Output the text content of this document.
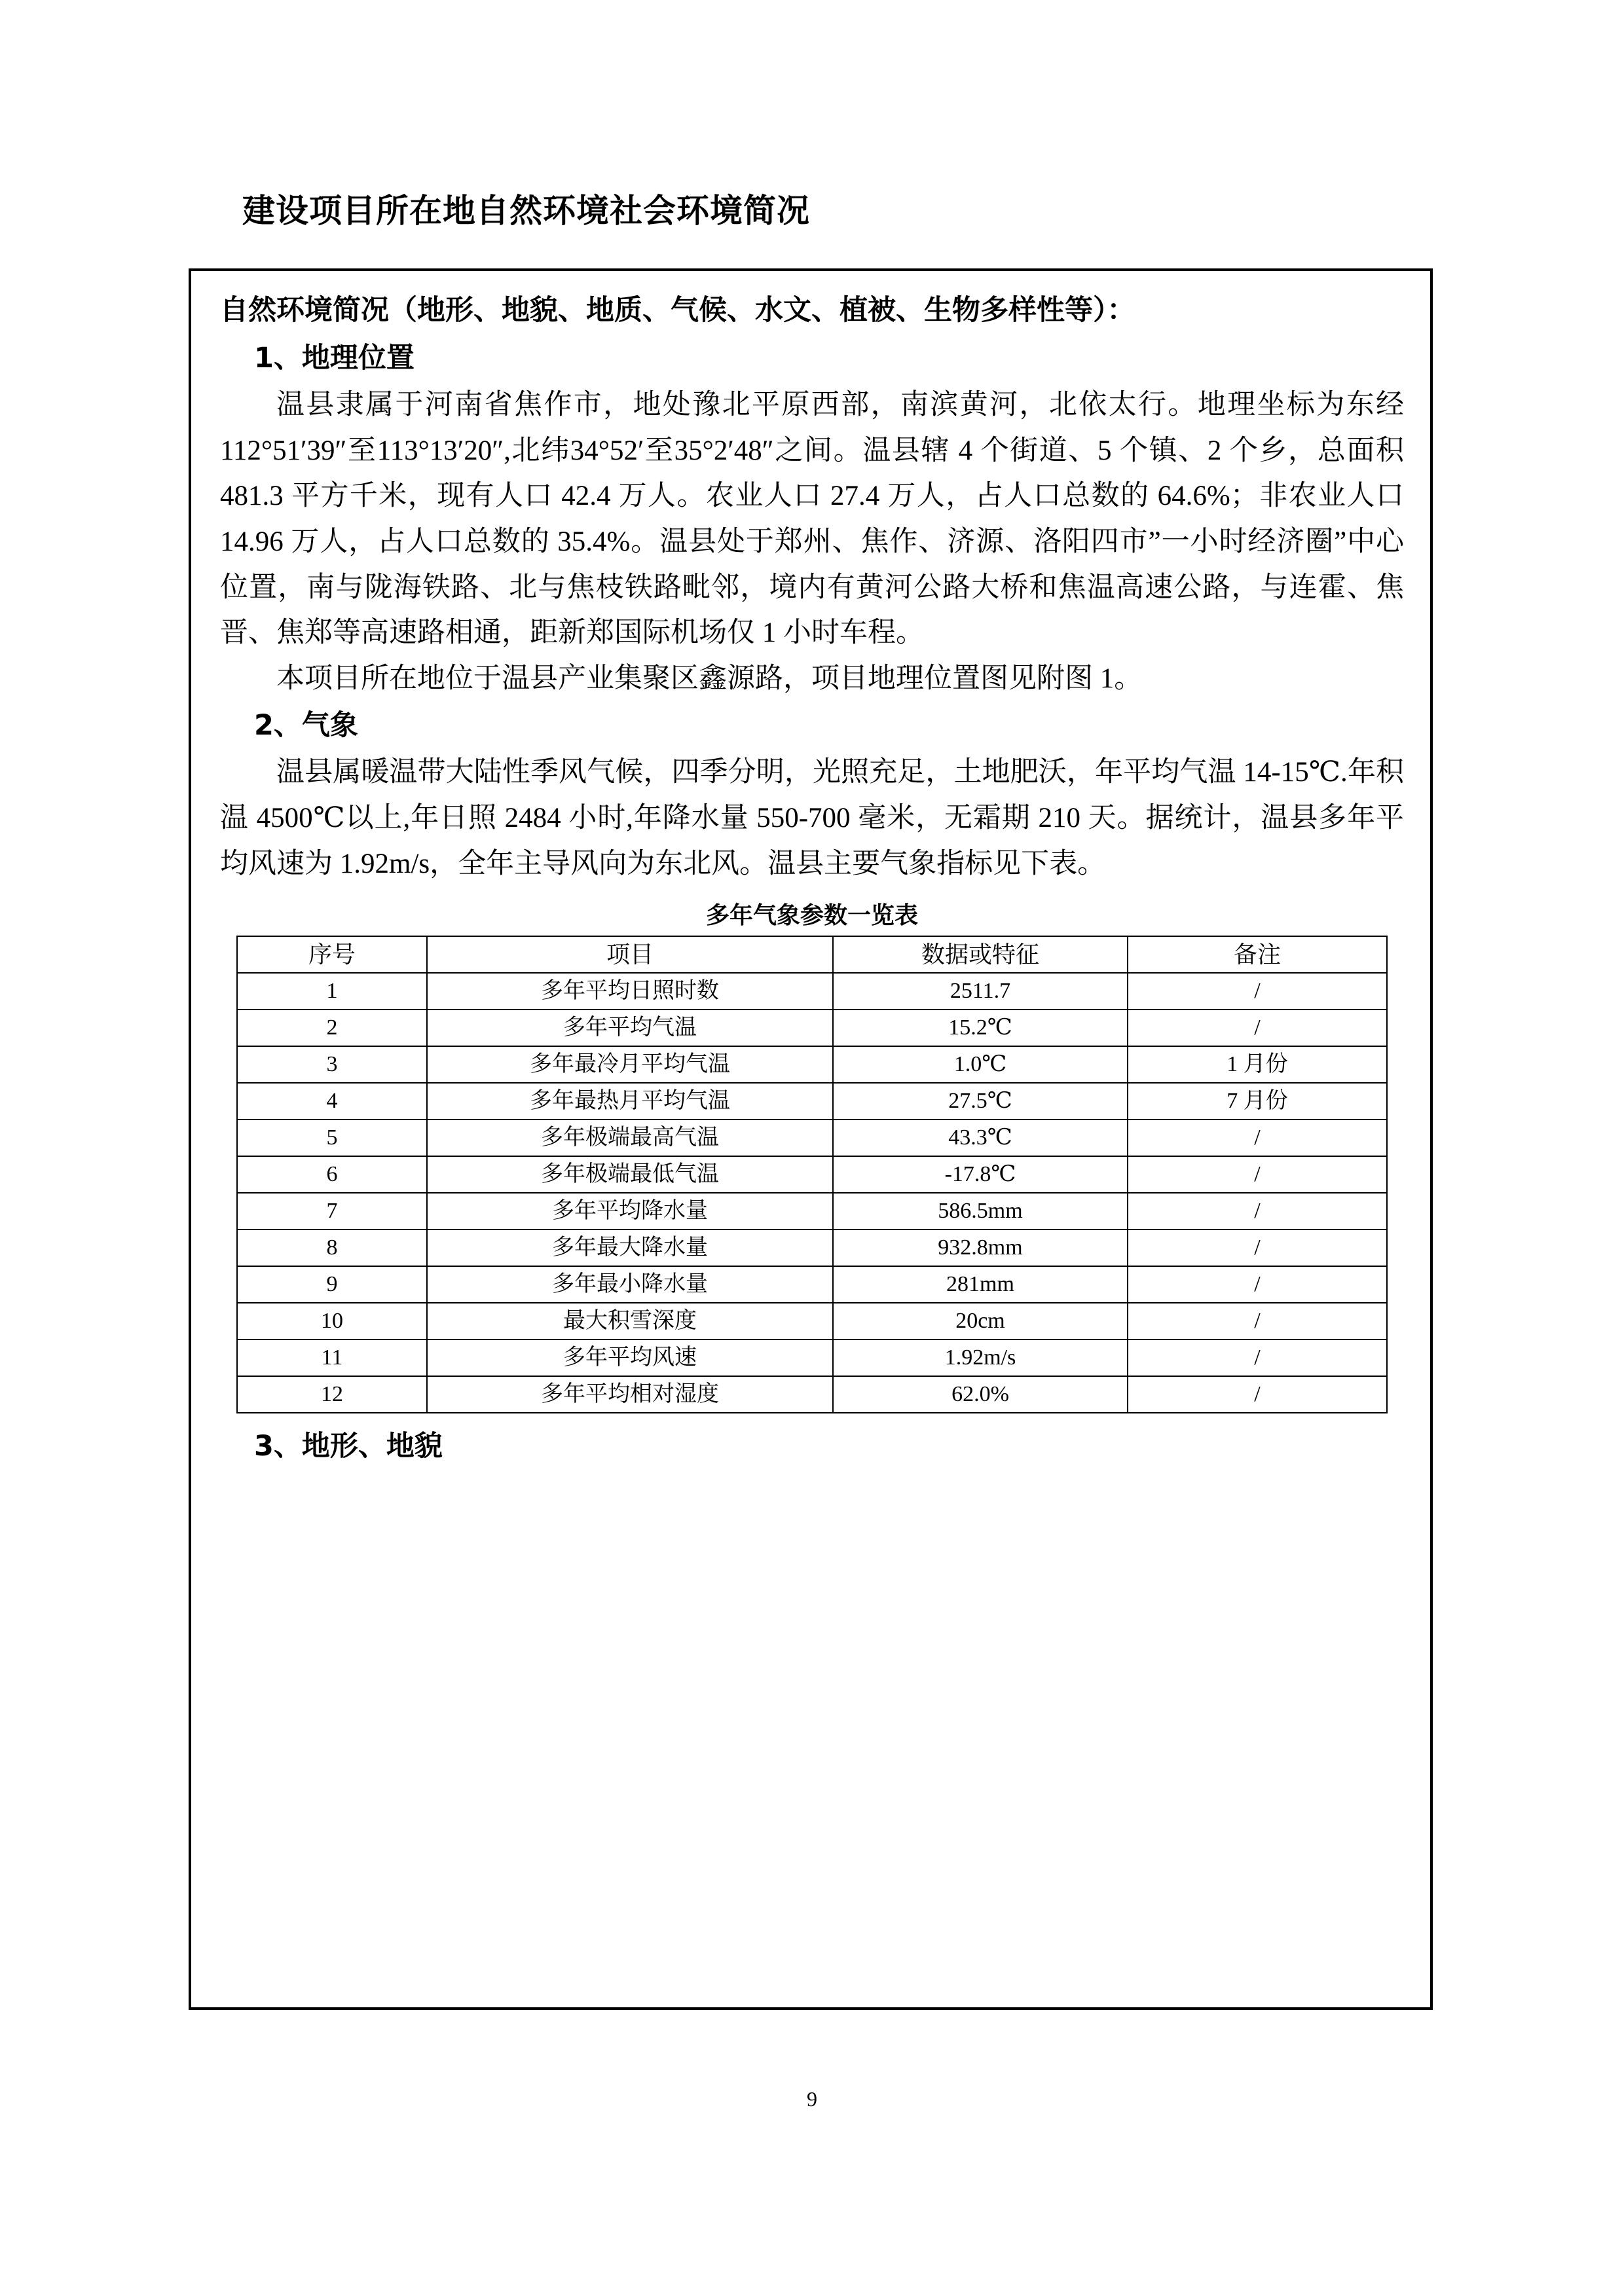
建设项目所在地自然环境社会环境简况
自然环境简况（地形、地貌、地质、气候、水文、植被、生物多样性等）：
1、地理位置

温县隶属于河南省焦作市，地处豫北平原西部，南滨黄河，北依太行。地理坐标为东经112°51′39″至113°13′20″,北纬34°52′至35°2′48″之间。温县辖 4 个街道、5 个镇、2 个乡，总面积 481.3 平方千米，现有人口 42.4 万人。农业人口 27.4 万人，占人口总数的 64.6%；非农业人口 14.96 万人，占人口总数的 35.4%。温县处于郑州、焦作、济源、洛阳四市”一小时经济圈”中心位置，南与陇海铁路、北与焦枝铁路毗邻，境内有黄河公路大桥和焦温高速公路，与连霍、焦晋、焦郑等高速路相通，距新郑国际机场仅 1 小时车程。

本项目所在地位于温县产业集聚区鑫源路，项目地理位置图见附图 1。

2、气象

温县属暖温带大陆性季风气候，四季分明，光照充足，土地肥沃，年平均气温 14-15℃.年积温 4500℃以上,年日照 2484 小时,年降水量 550-700 毫米，无霜期 210 天。据统计，温县多年平均风速为 1.92m/s，全年主导风向为东北风。温县主要气象指标见下表。

多年气象参数一览表
序号	项目	数据或特征	备注
1	多年平均日照时数	2511.7	/
2	多年平均气温	15.2℃	/
3	多年最冷月平均气温	1.0℃	1 月份
4	多年最热月平均气温	27.5℃	7 月份
5	多年极端最高气温	43.3℃	/
6	多年极端最低气温	-17.8℃	/
7	多年平均降水量	586.5mm	/
8	多年最大降水量	932.8mm	/
9	多年最小降水量	281mm	/
10	最大积雪深度	20cm	/
11	多年平均风速	1.92m/s	/
12	多年平均相对湿度	62.0%	/
3、地形、地貌
9
